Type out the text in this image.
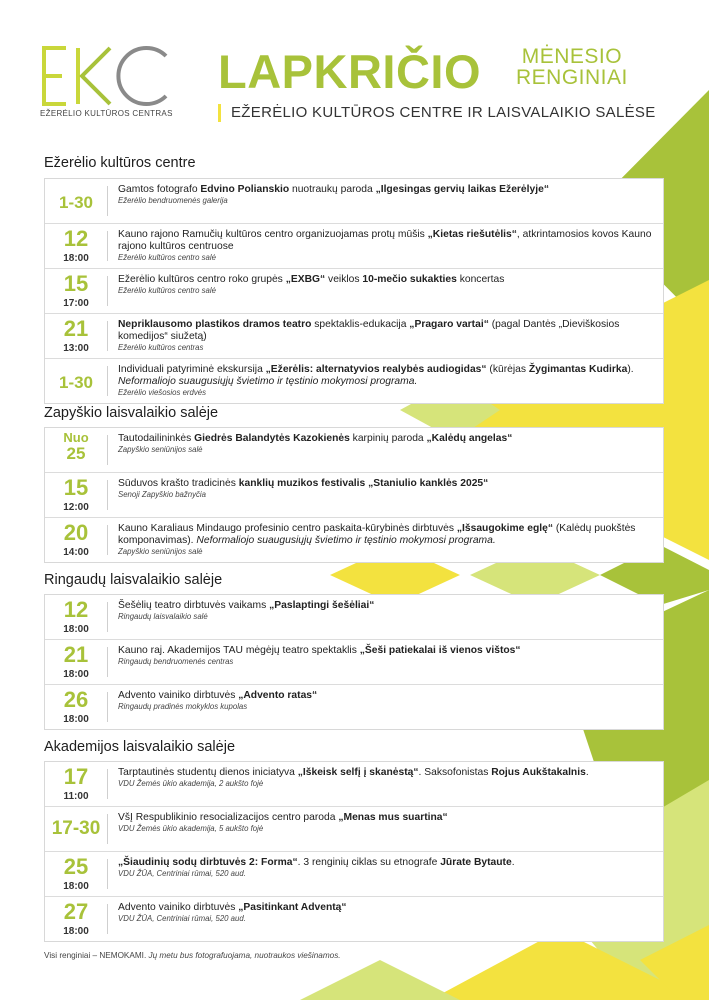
EŽERĖLIO KULTŪROS CENTRAS
LAPKRIČIO MĖNESIO
RENGINIAI
EŽERĖLIO KULTŪROS CENTRE IR LAISVALAIKIO SALĖSE
Ežerėlio kultūros centre
1-30
Gamtos fotografo Edvino Polianskio nuotraukų paroda „Ilgesingas gervių laikas Ežerėlyje“
Ežerėlio bendruomenės galerija
12
18:00
Kauno rajono Ramučių kultūros centro organizuojamas protų mūšis „Kietas riešutėlis“, atkrintamosios kovos Kauno rajono kultūros centruose
Ežerėlio kultūros centro salė
15
17:00
Ežerėlio kultūros centro roko grupės „EXBG“ veiklos 10-mečio sukakties koncertas
Ežerėlio kultūros centro salė
21
13:00
Nepriklausomo plastikos dramos teatro spektaklis-edukacija „Pragaro vartai“ (pagal Dantės „Dieviškosios komedijos“ siužetą)
Ežerėlio kultūros centras
1-30
Individuali patyriminė ekskursija „Ežerėlis: alternatyvios realybės audiogidas“ (kūrėjas Žygimantas Kudirka). Neformaliojo suaugusiųjų švietimo ir tęstinio mokymosi programa.
Ežerėlio viešosios erdvės
Zapyškio laisvalaikio salėje
Nuo
25
Tautodailininkės Giedrės Balandytės Kazokienės karpinių paroda „Kalėdų angelas“
Zapyškio seniūnijos salė
15
12:00
Sūduvos krašto tradicinės kanklių muzikos festivalis „Staniulio kanklės 2025“
Senoji Zapyškio bažnyčia
20
14:00
Kauno Karaliaus Mindaugo profesinio centro paskaita-kūrybinės dirbtuvės „Išsaugokime eglę“ (Kalėdų puokštės komponavimas). Neformaliojo suaugusiųjų švietimo ir tęstinio mokymosi programa.
Zapyškio seniūnijos salė
Ringaudų laisvalaikio salėje
12
18:00
Šešėlių teatro dirbtuvės vaikams „Paslaptingi šešėliai“
Ringaudų laisvalaikio salė
21
18:00
Kauno raj. Akademijos TAU mėgėjų teatro spektaklis „Šeši patiekalai iš vienos vištos“
Ringaudų bendruomenės centras
26
18:00
Advento vainiko dirbtuvės „Advento ratas“
Ringaudų pradinės mokyklos kupolas
Akademijos laisvalaikio salėje
17
11:00
Tarptautinės studentų dienos iniciatyva „Iškeisk selfį į skanėstą“. Saksofonistas Rojus Aukštakalnis.
VDU Žemės ūkio akademija, 2 aukšto fojė
17-30
VšĮ Respublikinio resocializacijos centro paroda „Menas mus suartina“
VDU Žemės ūkio akademija, 5 aukšto fojė
25
18:00
„Šiaudinių sodų dirbtuvės 2: Forma“. 3 renginių ciklas su etnografe Jūrate Bytaute.
VDU ŽŪA, Centriniai rūmai, 520 aud.
27
18:00
Advento vainiko dirbtuvės „Pasitinkant Adventą“
VDU ŽŪA, Centriniai rūmai, 520 aud.
Visi renginiai – NEMOKAMI. Jų metu bus fotografuojama, nuotraukos viešinamos.
